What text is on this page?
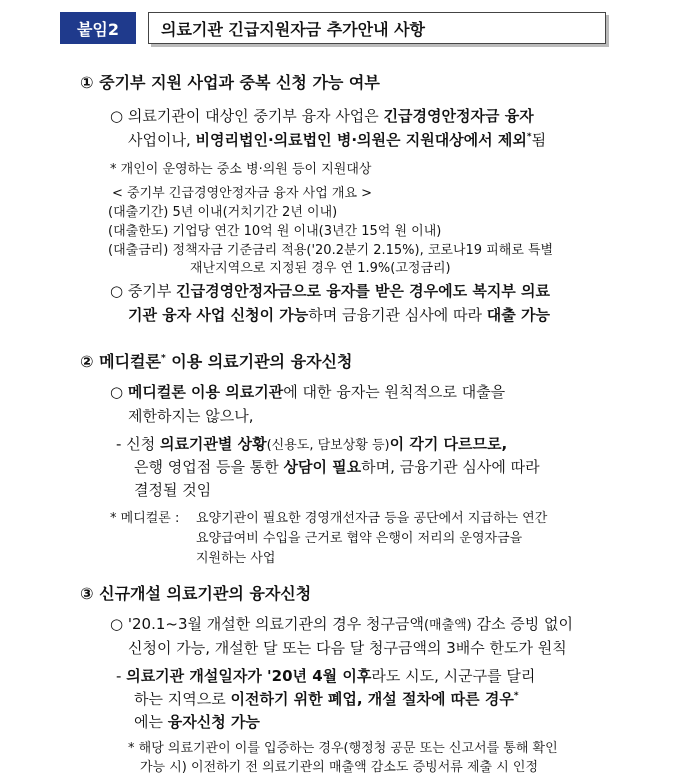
붙임2	의료기관 긴급지원자금 추가안내 사항
① 중기부 지원 사업과 중복 신청 가능 여부
○ 의료기관이 대상인 중기부 융자 사업은 긴급경영안정자금 융자
사업이나, 비영리법인·의료법인 병·의원은 지원대상에서 제외*됨
* 개인이 운영하는 중소 병·의원 등이 지원대상
< 중기부 긴급경영안정자금 융자 사업 개요 >
(대출기간) 5년 이내(거치기간 2년 이내)
(대출한도) 기업당 연간 10억 원 이내(3년간 15억 원 이내)
(대출금리) 정책자금 기준금리 적용('20.2분기 2.15%), 코로나19 피해로 특별
재난지역으로 지정된 경우 연 1.9%(고정금리)
○ 중기부 긴급경영안정자금으로 융자를 받은 경우에도 복지부 의료
기관 융자 사업 신청이 가능하며 금융기관 심사에 따라 대출 가능
② 메디컬론* 이용 의료기관의 융자신청
○ 메디컬론 이용 의료기관에 대한 융자는 원칙적으로 대출을
제한하지는 않으나,
- 신청 의료기관별 상황(신용도, 담보상황 등)이 각기 다르므로,
은행 영업점 등을 통한 상담이 필요하며, 금융기관 심사에 따라
결정될 것임
* 메디컬론 : 요양기관이 필요한 경영개선자금 등을 공단에서 지급하는 연간
요양급여비 수입을 근거로 협약 은행이 저리의 운영자금을
지원하는 사업
③ 신규개설 의료기관의 융자신청
○ '20.1~3월 개설한 의료기관의 경우 청구금액(매출액) 감소 증빙 없이
신청이 가능, 개설한 달 또는 다음 달 청구금액의 3배수 한도가 원칙
- 의료기관 개설일자가 '20년 4월 이후라도 시도, 시군구를 달리
하는 지역으로 이전하기 위한 폐업, 개설 절차에 따른 경우*
에는 융자신청 가능
* 해당 의료기관이 이를 입증하는 경우(행정청 공문 또는 신고서를 통해 확인
가능 시) 이전하기 전 의료기관의 매출액 감소도 증빙서류 제출 시 인정
